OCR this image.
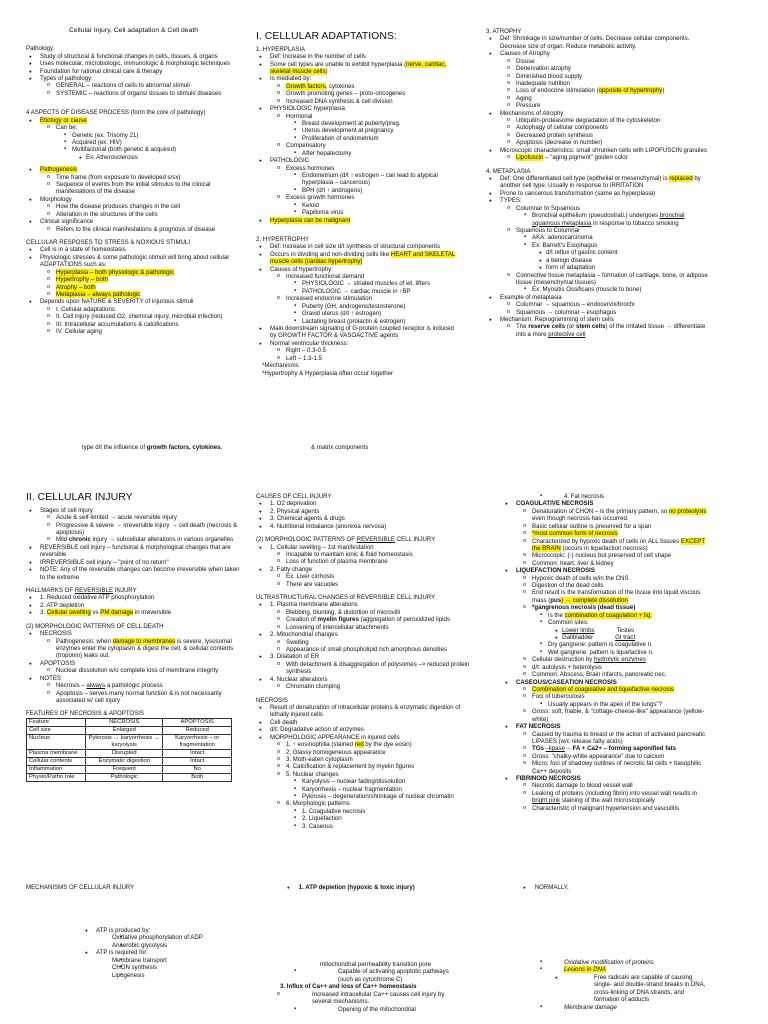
Cellular Injury, Cell adaptation & Cell death

Pathology

● Study of structural & functional changes in cells, tissues, & organs
● Uses molecular, microbiologic, immunologic & morphologic techniques
● Foundation for rational clinical care & therapy
● Types of pathology:
o GENERAL – reactions of cells to abnormal stimuli
o SYSTEMIC – reactions of organs/ tissues to stimuli/ diseases

4 ASPECTS OF DISEASE PROCESS (form the core of pathology)

● Etiology or cause
o Can be:
▪ Genetic (ex. Trisomy 21)
▪ Acquired (ex. HIV)
▪ Multifactorial (both genetic & acquired)
● Ex. Atherosclerosis
● Pathogenesis
o Time frame (from exposure to developed s/sx)
o Sequence of events from the initial stimulus to the clinical manifestations of the disease
● Morphology
o How the disease produces changes in the cell
o Alteration in the structures of the cells
● Clinical significance
o Refers to the clinical manifestations & prognosis of disease

CELLULAR RESPOSES TO STRESS & NOXIOUS STIMULI

● Cell is in a state of homeostasis
● Physiologic stresses & some pathologic stimuli will bring about cellular ADAPTATIONS such as:
o Hyperplasia – both physiologic & pathologic
o Hypertrophy – both
o Atrophy – both
o Metaplasia – always pathologic
● Depends upon NATURE & SEVERITY of injurious stimuli
o I. Cellular adaptations
o II. Cell injury (reduced O2, chemical injury, microbial infection)
o III. Intracellular accumulations & calcifications
o IV. Cellular aging

type d/t the influence of growth factors, cytokines,

I. CELLULAR ADAPTATIONS:

1. HYPERPLASIA

● Def: Increase in the number of cells
● Some cell types are unable to exhibit hyperplasia (nerve, cardiac, skeletal muscle cells)
● Is mediated by:
o Growth factors, cytokines
o Growth promoting genes – proto-oncogenes
o Increased DNA synthesis & cell division
● PHYSIOLOGIC hyperplasia
o Hormonal
▪ Breast development at puberty/preg.
▪ Uterus development at pregnancy
▪ Proliferation of endometrium
o Compensatory
▪ After hepatectomy
● PATHOLOGIC
o Excess hormones
▪ Endometrium (d/t ↑ estrogen – can lead to atypical hyperplasia – cancerous)
▪ BPH (d/t ↑ androgens)
o Excess growth hormones
▪ Keloid
▪ Papilloma virus
● Hyperplasia can be malignant

2. HYPERTROPHY

● Def: Increase in cell size d/t synthesis of structural components
● Occurs in dividing and non-dividing cells like HEART and SKELETAL muscle cells (cardiac hypertrophy)
● Causes of hypertrophy:
o Increased functional demand
▪ PHYSIOLOGIC → striated muscles of wt. lifters
▪ PATHOLOGIC → cardiac muscle in ↑BP
o Increased endocrine stimulation
▪ Puberty (GH, androgens/testosterone)
▪ Gravid uterus (d/t ↑ estrogen)
▪ Lactating breast (prolactin & estrogen)
● Main downstream signaling of G-protein coupled receptor is induced by GROWTH FACTOR & VASOACTIVE agents
● Normal ventricular thickness:
o Right – 0.3-0.5
o Left – 1.3-1.5

*Mechanisms

*Hypertrophy & Hyperplasia often occur together

& matrix components

3. ATROPHY

● Def: Shrinkage in size/number of cells. Decrease cellular components. Decrease size of organ. Reduce metabolic activity.
● Causes of Atrophy
o Disuse
o Denervation atrophy
o Diminished blood supply
o Inadequate nutrition
o Loss of endocrine stimulation (opposite of hypertrophy)
o Aging
o Pressure
● Mechanisms of Atrophy
o Ubiquitin-proteasome degradation of the cytoskeleton
o Autophagy of cellular components
o Decreased protein synthesis
o Apoptosis (decrease in number)
● Microscopic characteristics: small shrunken cells with LIPOFUSCIN granules
o Lipofuscin – "aging pigment" golden color

4. METAPLASIA

● Def: One differentiated cell type (epithelial or mesenchymal) is replaced by another cell type. Usually in response to IRRITATION
● Prone to cancerous transformation (same as hyperplasia)
● TYPES:
o Columnar to Squamous
▪ Bronchial epithelium (pseudostrati.) undergoes bronchial squamous metaplasia in response to tobacco smoking
o Squamous to Columnar
▪ AKA: adenocarcinoma
▪ Ex: Barrett's Esophagus
● d/t reflux of gastric content
● a benign disease
● form of adaptation
o Connective tissue metaplasia – formation of cartilage, bone, or adipose tissue (mesenchymal tissues)
▪ Ex: Myositis Ossificans (muscle to bone)
● Example of metaplasia
o Columnar → squamous – endocervix/brochi
o Squamous → columnar – esophagus
● Mechanism: Reprogramming of stem cells
o The reserve cells (or stem cells) of the irritated tissue → differentiate into a more protective cell

II. CELLULAR INJURY

● Stages of cell injury
o Acute & self-limited → acute reversible injury
o Progressive & severe → irreversible injury → cell death (necrosis & apoptosis)
o Mild chronic injury → subcellular alterations in various organelles
● REVERSIBLE cell injury – functional & morphological changes that are reversible
● IRREVERSIBLE cell injury – "point of no return"
● NOTE: Any of the reversible changes can become irreversible when taken to the extreme

HALLMARKS OF REVERSIBLE INJURY

● 1. Reduced oxidative ATP phosphorylation
● 2. ATP depletion
● 3. Cellular swelling vs PM damage in irreversible

(2) MORPHOLOGIC PATTERNS OF CELL DEATH

● NECROSIS
o Pathogenesis: when damage to membranes is severe, lysosomal enzymes enter the cytoplasm & digest the cell, & cellular contents (troponin) leaks out.
● APOPTOSIS
o Nuclear dissolution w/o complete loss of membrane integrity
● NOTES
o Necrosis – always a pathologic process
o Apoptosis – serves many normal function & is not necessarily associated w/ cell injury

FEATURES OF NECROSIS & APOPTOSIS

Feature	NECROSIS	APOPTOSIS
Cell size	Enlarged	Reduced
Nucleus	Pyknosis → karyorrhexis → karyolysis	Karyorrhexis – or fragmentation
Plasma membrane	Disrupted	Intact
Cellular contents	Enzymatic digestion	Intact
Inflammation	Frequent	No
Physio/Patho role	Pathologic	Both

MECHANISMS OF CELLULAR INJURY

● ATP is produced by:
▪ Oxidative phosphorylation of ADP
▪ Anaerobic glycolysis
● ATP is required for:
▪ Membrane transport
▪ CHON synthesis
▪ Lipogenesis

CAUSES OF CELL INJURY

● 1. O2 deprivation
● 2. Physical agents
● 3. Chemical agents & drugs
● 4. Nutritional imbalance (anorexia nervosa)

(2) MORPHOLOGIC PATTERNS OF REVERSIBLE CELL INJURY

● 1. Cellular swelling – 1st manifestation
o Incapable to maintain ionic & fluid homeostasis
o Loss of function of plasma membrane
● 2. Fatty change
o Ex. Liver cirrhosis
o There are vacuoles

ULTRASTRUCTURAL CHANGES of REVERSIBLE CELL INJURY

● 1. Plasma membrane alterations
o Blebbing, blunting, & distortion of microvilli
o Creation of myelin figures (aggregation of peroxidized lipids
o Loosening of intercellular attachments
● 2. Mitochondrial changes
o Swelling
o Appearance of small phospholipid rich amorphous densities
● 3. Dilatation of ER
o With detachment & disaggregation of polysomes –> reduced protein synthesis
● 4. Nuclear alterations
o Chromatin clumping

NECROSIS

● Result of denaturation of intracellular proteins & enzymatic digestion of lethally injured cells
● Cell death
● d/t: Degradative action of enzymes
● MORPHOLOGIC APPEARANCE in injured cells
o 1. ↑ eosinophilia (stained red by the dye eosin)
o 2. Glassy homogeneous appearance
o 3. Moth-eaten cytoplasm
o 4. Calcification & replacement by myelin figures
o 5. Nuclear changes
▪ Karyolysis – nuclear fading/dissolution
▪ Karyorrhexis – nuclear fragmentation
▪ Pyknosis – degeneration/shrinkage of nuclear chromatin
o 6. Morphologic patterns
▪ 1. Coagulative necrosis
▪ 2. Liquefaction
▪ 3. Caseous

● 1. ATP depletion (hypoxic & toxic injury)

mitochondrial permeability transition pore

▪ Capable of activating apoptotic pathways (such as cytochrome C)

3. Influx of Ca++ and loss of Ca++ homeostasis

o Increased intracellular Ca++ causes cell injury by several mechanisms.
▪ Opening of the mitochondrial
▪ 4. Fat necrosis
● COAGULATIVE NECROSIS
o Denaturation of CHON – is the primary pattern, so no proteolysis even though necrosis has occurred.
o Basic cellular outline is preserved for a span
o *most common form of necrosis
o Characterized by hypoxic death of cells on ALL tissues EXCEPT the BRAIN (occurs in liquefaction necrosis)
o Microscopic: (-) nucleus but preserved of cell shape
o Common: heart, liver & kidney
● LIQUEFACTION NECROSIS
o Hypoxic death of cells w/in the CNS
o Digestion of the dead cells
o End result is the transformation of the tissue into liquid viscous mass (pus) → complete dissolution
o *gangrenous necrosis (dead tissue)
▪ Is the combination of coagulation + liq.
▪ Common sites:
● Lower limbs	Testes
● Gallbladder	GI tract
▪ Dry gangrene: pattern is coagulative n.
▪ Wet gangrene: pattern is liquefactive n.
o Cellular destruction by hydrolytic enzymes
o d/t: autolysis + heterolysis
o Common: Abscess, Brain infarcts, pancreatic nec.
● CASEOUS/CASEATION NECROSIS
o Combination of coagulative and liquefactive necrosis
o Foci of tuberculosis
▪ Usually appears in the apex of the lungs"?
o Gross: soft, friable, & "cottage-cheese-like" appearance (yellow-white)
● FAT NECROSIS
o Caused by trauma to breast or the action of activated pancreatic LIPASES (w/c release fatty acids)
o TGs –lipase→ FA + Ca2+ – forming saponified fats
o Gross: "chalky-white appearance" due to calcium
o Micro: foci of shadowy outlines of necrotic fat cells + basophilic Ca++ deposits
● FIBRINOID NECROSIS
o Necrotic damage to blood vessel wall
o Leaking of proteins (including fibrin) into vessel wall results in bright pink staining of the wall microscopically
o Characteristic of malignant hypertension and vasculitis

● NORMALLY,

▪ Oxidative modification of proteins
▪ Lesions in DNA
● Free radicals are capable of causing single- and double-strand breaks in DNA, cross-linking of DNA strands, and formation of adducts
▪ Membrane damage
